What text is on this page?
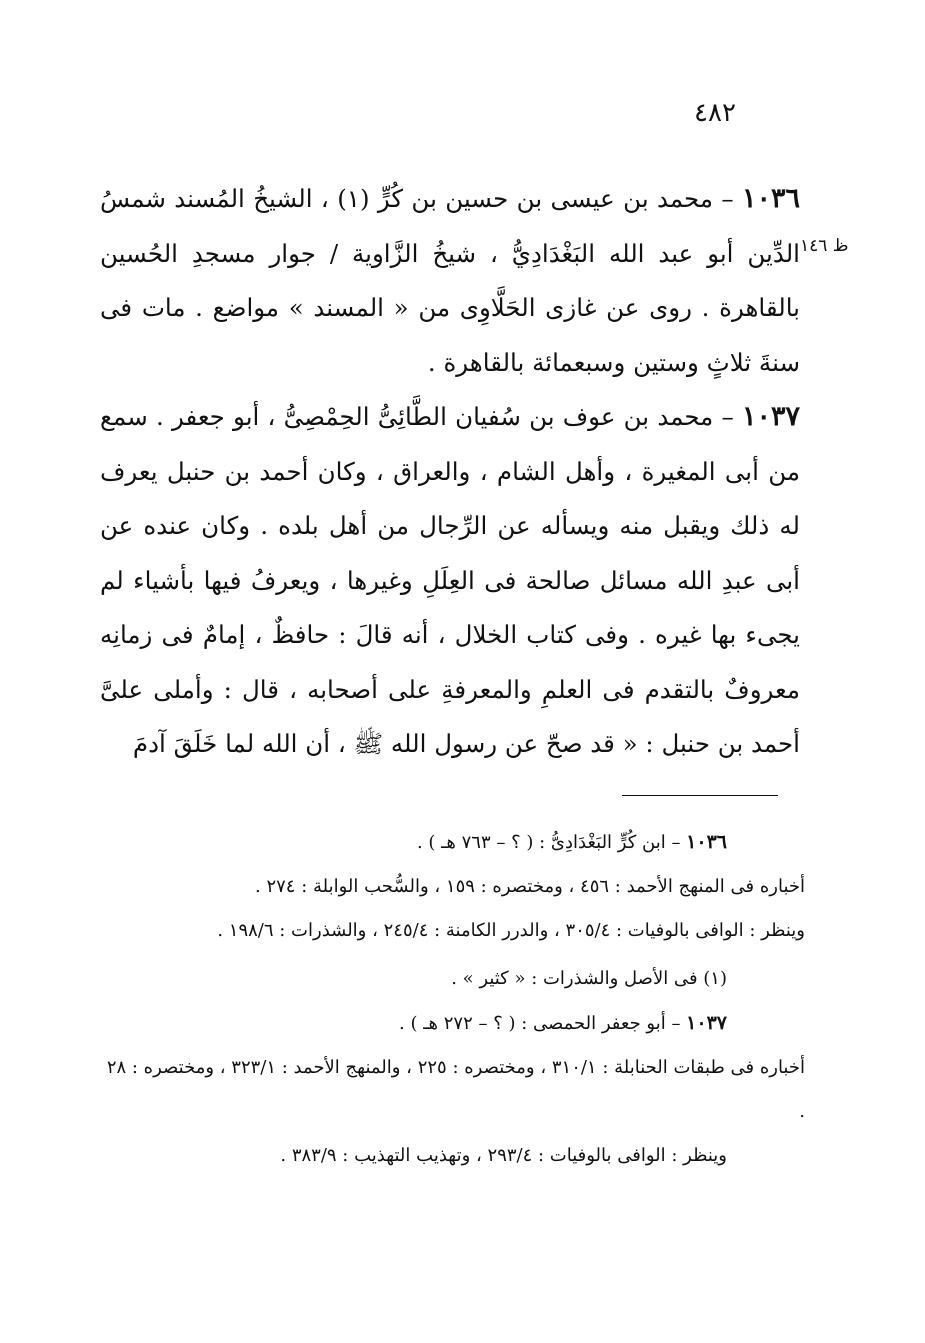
٤٨٢
ظ ١٤٦

١٠٣٦ – محمد بن عيسى بن حسين بن كُرٍّ (١) ، الشيخُ المُسند شمسُ الدِّين أبو عبد الله البَغْدَادِيُّ ، شيخُ الزَّاوية / جوار مسجدِ الحُسين بالقاهرة . روى عن غازى الحَلَّاوِى من « المسند » مواضع . مات فى سنةَ ثلاثٍ وستين وسبعمائة بالقاهرة .

١٠٣٧ – محمد بن عوف بن سُفيان الطَّائِىُّ الحِمْصِىُّ ، أبو جعفر . سمع من أبى المغيرة ، وأهل الشام ، والعراق ، وكان أحمد بن حنبل يعرف له ذلك ويقبل منه ويسأله عن الرِّجال من أهل بلده . وكان عنده عن أبى عبدِ الله مسائل صالحة فى العِلَلِ وغيرها ، ويعرفُ فيها بأشياء لم يجىء بها غيره . وفى كتاب الخلال ، أنه قالَ : حافظٌ ، إمامٌ فى زمانِه معروفٌ بالتقدم فى العلمِ والمعرفةِ على أصحابه ، قال : وأملى علىَّ أحمد بن حنبل : « قد صحّ عن رسول الله ﷺ ، أن الله لما خَلَقَ آدمَ

١٠٣٦ – ابن كُرٍّ البَغْدَادِىُّ : ( ؟ – ٧٦٣ هـ ) .

أخباره فى المنهج الأحمد : ٤٥٦ ، ومختصره : ١٥٩ ، والسُّحب الوابلة : ٢٧٤ .

وينظر : الوافى بالوفيات : ٣٠٥/٤ ، والدرر الكامنة : ٢٤٥/٤ ، والشذرات : ١٩٨/٦ .

(١) فى الأصل والشذرات : « كثير » .

١٠٣٧ – أبو جعفر الحمصى : ( ؟ – ٢٧٢ هـ ) .

أخباره فى طبقات الحنابلة : ٣١٠/١ ، ومختصره : ٢٢٥ ، والمنهج الأحمد : ٣٢٣/١ ، ومختصره : ٢٨ .

وينظر : الوافى بالوفيات : ٢٩٣/٤ ، وتهذيب التهذيب : ٣٨٣/٩ .
